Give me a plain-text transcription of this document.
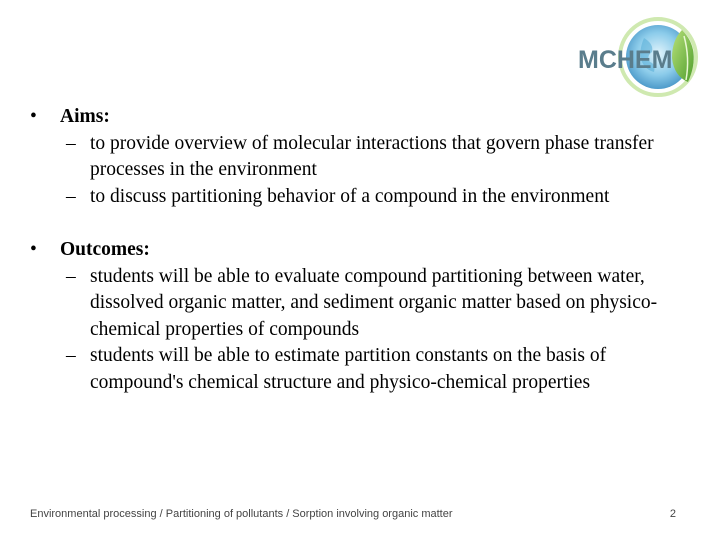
MCHEM
•	Aims:
– to provide overview of molecular interactions that govern phase transfer processes in the environment
– to discuss partitioning behavior of a compound in the environment
•	Outcomes:
– students will be able to evaluate compound partitioning between water, dissolved organic matter, and sediment organic matter based on physico-chemical properties of compounds
– students will be able to estimate partition constants on the basis of compound's chemical structure and physico-chemical properties
Environmental processing / Partitioning of pollutants / Sorption involving organic matter	2
